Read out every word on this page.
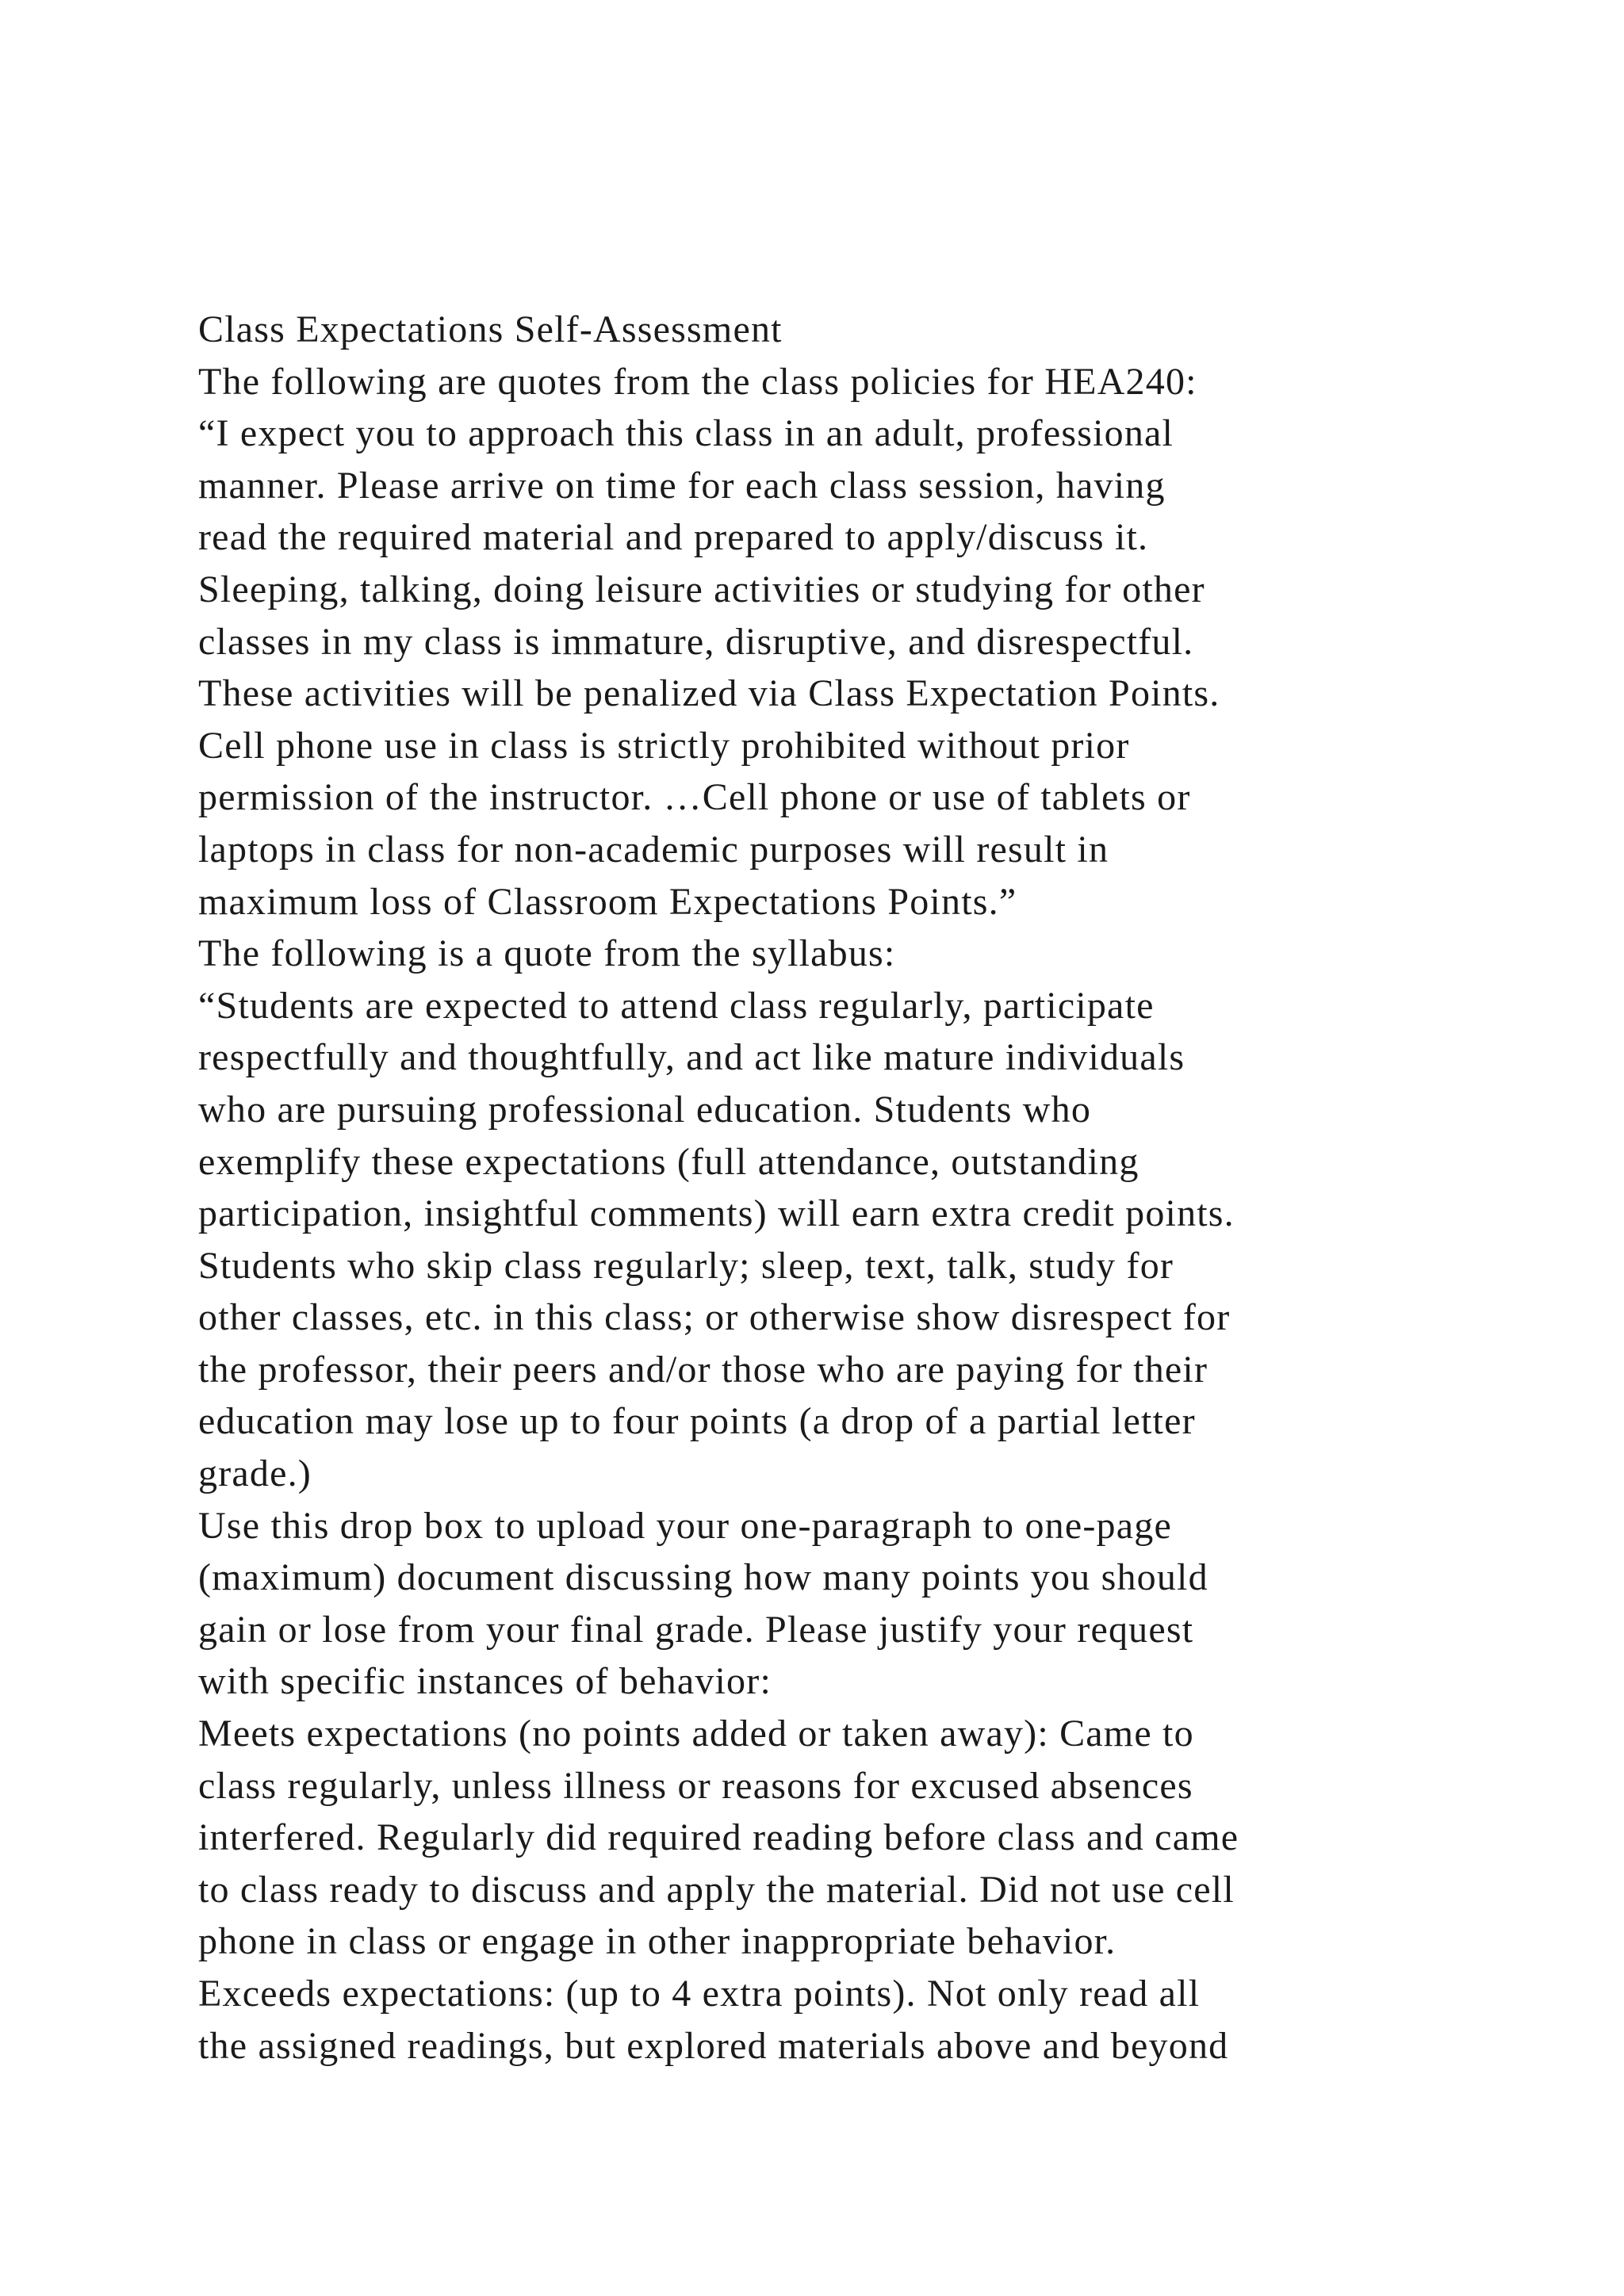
Class Expectations Self-Assessment
The following are quotes from the class policies for HEA240:
“I expect you to approach this class in an adult, professional
manner. Please arrive on time for each class session, having
read the required material and prepared to apply/discuss it.
Sleeping, talking, doing leisure activities or studying for other
classes in my class is immature, disruptive, and disrespectful.
These activities will be penalized via Class Expectation Points.
Cell phone use in class is strictly prohibited without prior
permission of the instructor. …Cell phone or use of tablets or
laptops in class for non-academic purposes will result in
maximum loss of Classroom Expectations Points.”
The following is a quote from the syllabus:
“Students are expected to attend class regularly, participate
respectfully and thoughtfully, and act like mature individuals
who are pursuing professional education. Students who
exemplify these expectations (full attendance, outstanding
participation, insightful comments) will earn extra credit points.
Students who skip class regularly; sleep, text, talk, study for
other classes, etc. in this class; or otherwise show disrespect for
the professor, their peers and/or those who are paying for their
education may lose up to four points (a drop of a partial letter
grade.)
Use this drop box to upload your one-paragraph to one-page
(maximum) document discussing how many points you should
gain or lose from your final grade. Please justify your request
with specific instances of behavior:
Meets expectations (no points added or taken away): Came to
class regularly, unless illness or reasons for excused absences
interfered. Regularly did required reading before class and came
to class ready to discuss and apply the material. Did not use cell
phone in class or engage in other inappropriate behavior.
Exceeds expectations: (up to 4 extra points). Not only read all
the assigned readings, but explored materials above and beyond
